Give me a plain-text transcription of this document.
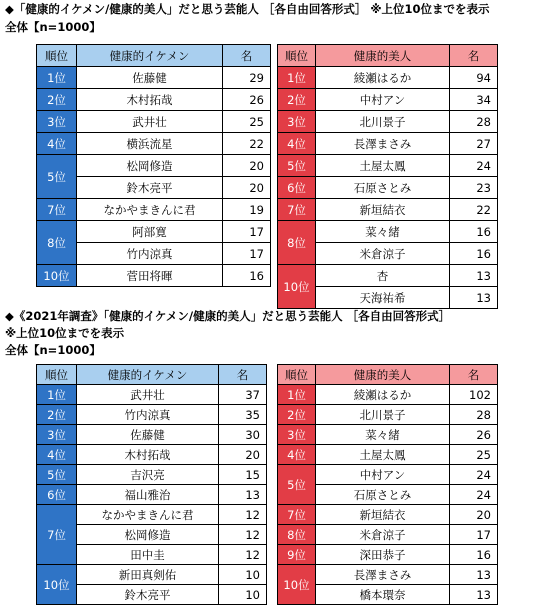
◆「健康的イケメン/健康的美人」だと思う芸能人 ［各自由回答形式］ ※上位10位までを表示
全体【n=1000】
順位	健康的イケメン	名
1位	佐藤健	29
2位	木村拓哉	26
3位	武井壮	25
4位	横浜流星	22
5位	松岡修造	20
	鈴木亮平	20
7位	なかやまきんに君	19
8位	阿部寛	17
	竹内涼真	17
10位	菅田将暉	16
順位	健康的美人	名
1位	綾瀬はるか	94
2位	中村アン	34
3位	北川景子	28
4位	長澤まさみ	27
5位	土屋太鳳	24
6位	石原さとみ	23
7位	新垣結衣	22
8位	菜々緒	16
	米倉涼子	16
10位	杏	13
	天海祐希	13
◆《2021年調査》「健康的イケメン/健康的美人」だと思う芸能人 ［各自由回答形式］
※上位10位までを表示
全体【n=1000】
順位	健康的イケメン	名
1位	武井壮	37
2位	竹内涼真	35
3位	佐藤健	30
4位	木村拓哉	20
5位	吉沢亮	15
6位	福山雅治	13
7位	なかやまきんに君	12
	松岡修造	12
	田中圭	12
10位	新田真剣佑	10
	鈴木亮平	10
順位	健康的美人	名
1位	綾瀬はるか	102
2位	北川景子	28
3位	菜々緒	26
4位	土屋太鳳	25
5位	中村アン	24
	石原さとみ	24
7位	新垣結衣	20
8位	米倉涼子	17
9位	深田恭子	16
10位	長澤まさみ	13
	橋本環奈	13
